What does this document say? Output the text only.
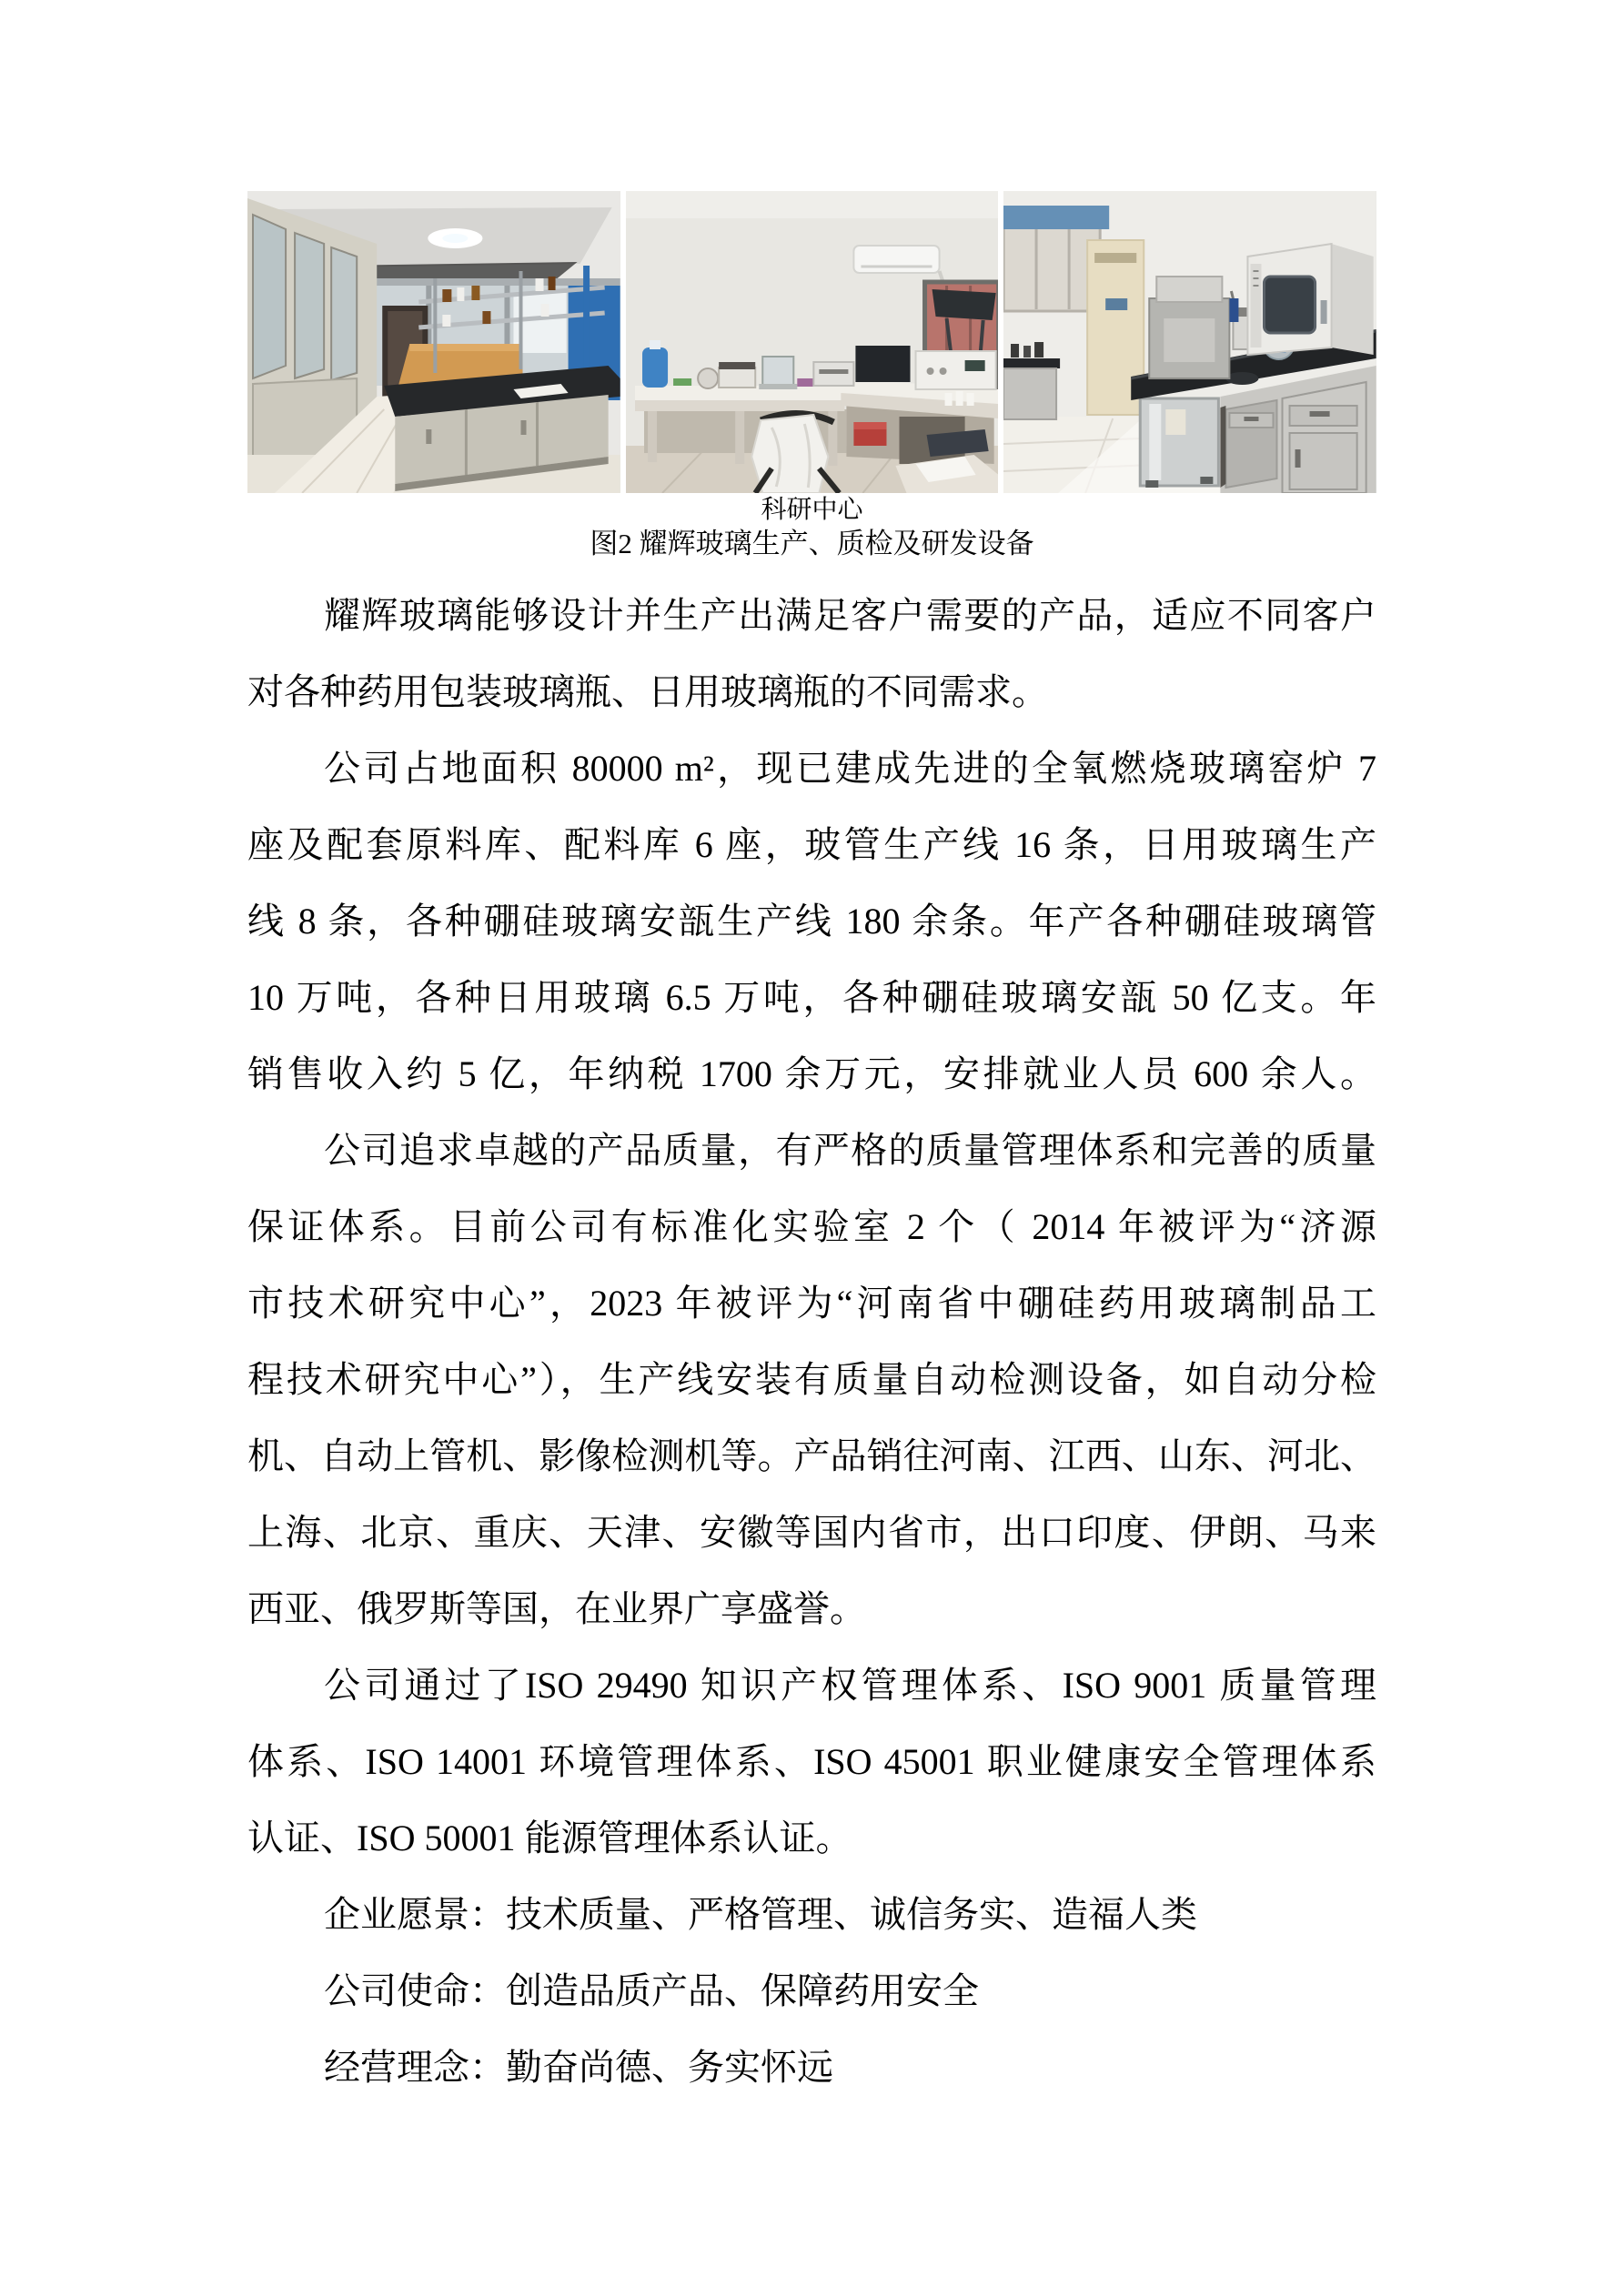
科研中心
图2 耀辉玻璃生产、质检及研发设备
耀辉玻璃能够设计并生产出满足客户需要的产品，适应不同客户
对各种药用包装玻璃瓶、日用玻璃瓶的不同需求。
公司占地面积 80000 m²，现已建成先进的全氧燃烧玻璃窑炉 7
座及配套原料库、配料库 6 座，玻管生产线 16 条，日用玻璃生产
线 8 条，各种硼硅玻璃安瓿生产线 180 余条。年产各种硼硅玻璃管
10 万吨，各种日用玻璃 6.5 万吨，各种硼硅玻璃安瓿 50 亿支。年
销售收入约 5 亿，年纳税 1700 余万元，安排就业人员 600 余人。
公司追求卓越的产品质量，有严格的质量管理体系和完善的质量
保证体系。目前公司有标准化实验室 2 个（ 2014 年被评为“济源
市技术研究中心”，2023 年被评为“河南省中硼硅药用玻璃制品工
程技术研究中心”），生产线安装有质量自动检测设备，如自动分检
机、自动上管机、影像检测机等。产品销往河南、江西、山东、河北、
上海、北京、重庆、天津、安徽等国内省市，出口印度、伊朗、马来
西亚、俄罗斯等国，在业界广享盛誉。
公司通过了ISO 29490 知识产权管理体系、ISO 9001 质量管理
体系、ISO 14001 环境管理体系、ISO 45001 职业健康安全管理体系
认证、ISO 50001 能源管理体系认证。
企业愿景：技术质量、严格管理、诚信务实、造福人类
公司使命：创造品质产品、保障药用安全
经营理念：勤奋尚德、务实怀远
